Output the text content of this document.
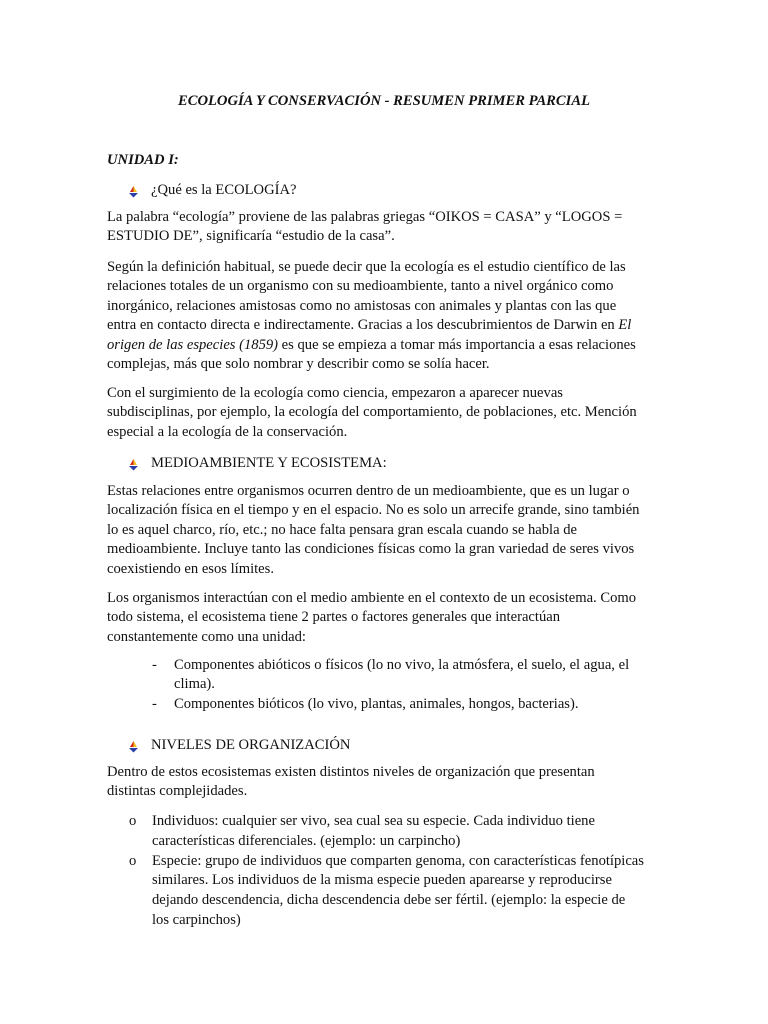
ECOLOGÍA Y CONSERVACIÓN - RESUMEN PRIMER PARCIAL
UNIDAD I:
¿Qué es la ECOLOGÍA?

La palabra “ecología” proviene de las palabras griegas “OIKOS = CASA” y “LOGOS =
ESTUDIO DE”, significaría “estudio de la casa”.

Según la definición habitual, se puede decir que la ecología es el estudio científico de las
relaciones totales de un organismo con su medioambiente, tanto a nivel orgánico como
inorgánico, relaciones amistosas como no amistosas con animales y plantas con las que
entra en contacto directa e indirectamente. Gracias a los descubrimientos de Darwin en El
origen de las especies (1859) es que se empieza a tomar más importancia a esas relaciones
complejas, más que solo nombrar y describir como se solía hacer.

Con el surgimiento de la ecología como ciencia, empezaron a aparecer nuevas
subdisciplinas, por ejemplo, la ecología del comportamiento, de poblaciones, etc. Mención
especial a la ecología de la conservación.

MEDIOAMBIENTE Y ECOSISTEMA:

Estas relaciones entre organismos ocurren dentro de un medioambiente, que es un lugar o
localización física en el tiempo y en el espacio. No es solo un arrecife grande, sino también
lo es aquel charco, río, etc.; no hace falta pensara gran escala cuando se habla de
medioambiente. Incluye tanto las condiciones físicas como la gran variedad de seres vivos
coexistiendo en esos límites.

Los organismos interactúan con el medio ambiente en el contexto de un ecosistema. Como
todo sistema, el ecosistema tiene 2 partes o factores generales que interactúan
constantemente como una unidad:

- Componentes abióticos o físicos (lo no vivo, la atmósfera, el suelo, el agua, el
clima).
- Componentes bióticos (lo vivo, plantas, animales, hongos, bacterias).
NIVELES DE ORGANIZACIÓN

Dentro de estos ecosistemas existen distintos niveles de organización que presentan
distintas complejidades.

o Individuos: cualquier ser vivo, sea cual sea su especie. Cada individuo tiene
características diferenciales. (ejemplo: un carpincho)
o Especie: grupo de individuos que comparten genoma, con características fenotípicas
similares. Los individuos de la misma especie pueden aparearse y reproducirse
dejando descendencia, dicha descendencia debe ser fértil. (ejemplo: la especie de
los carpinchos)
